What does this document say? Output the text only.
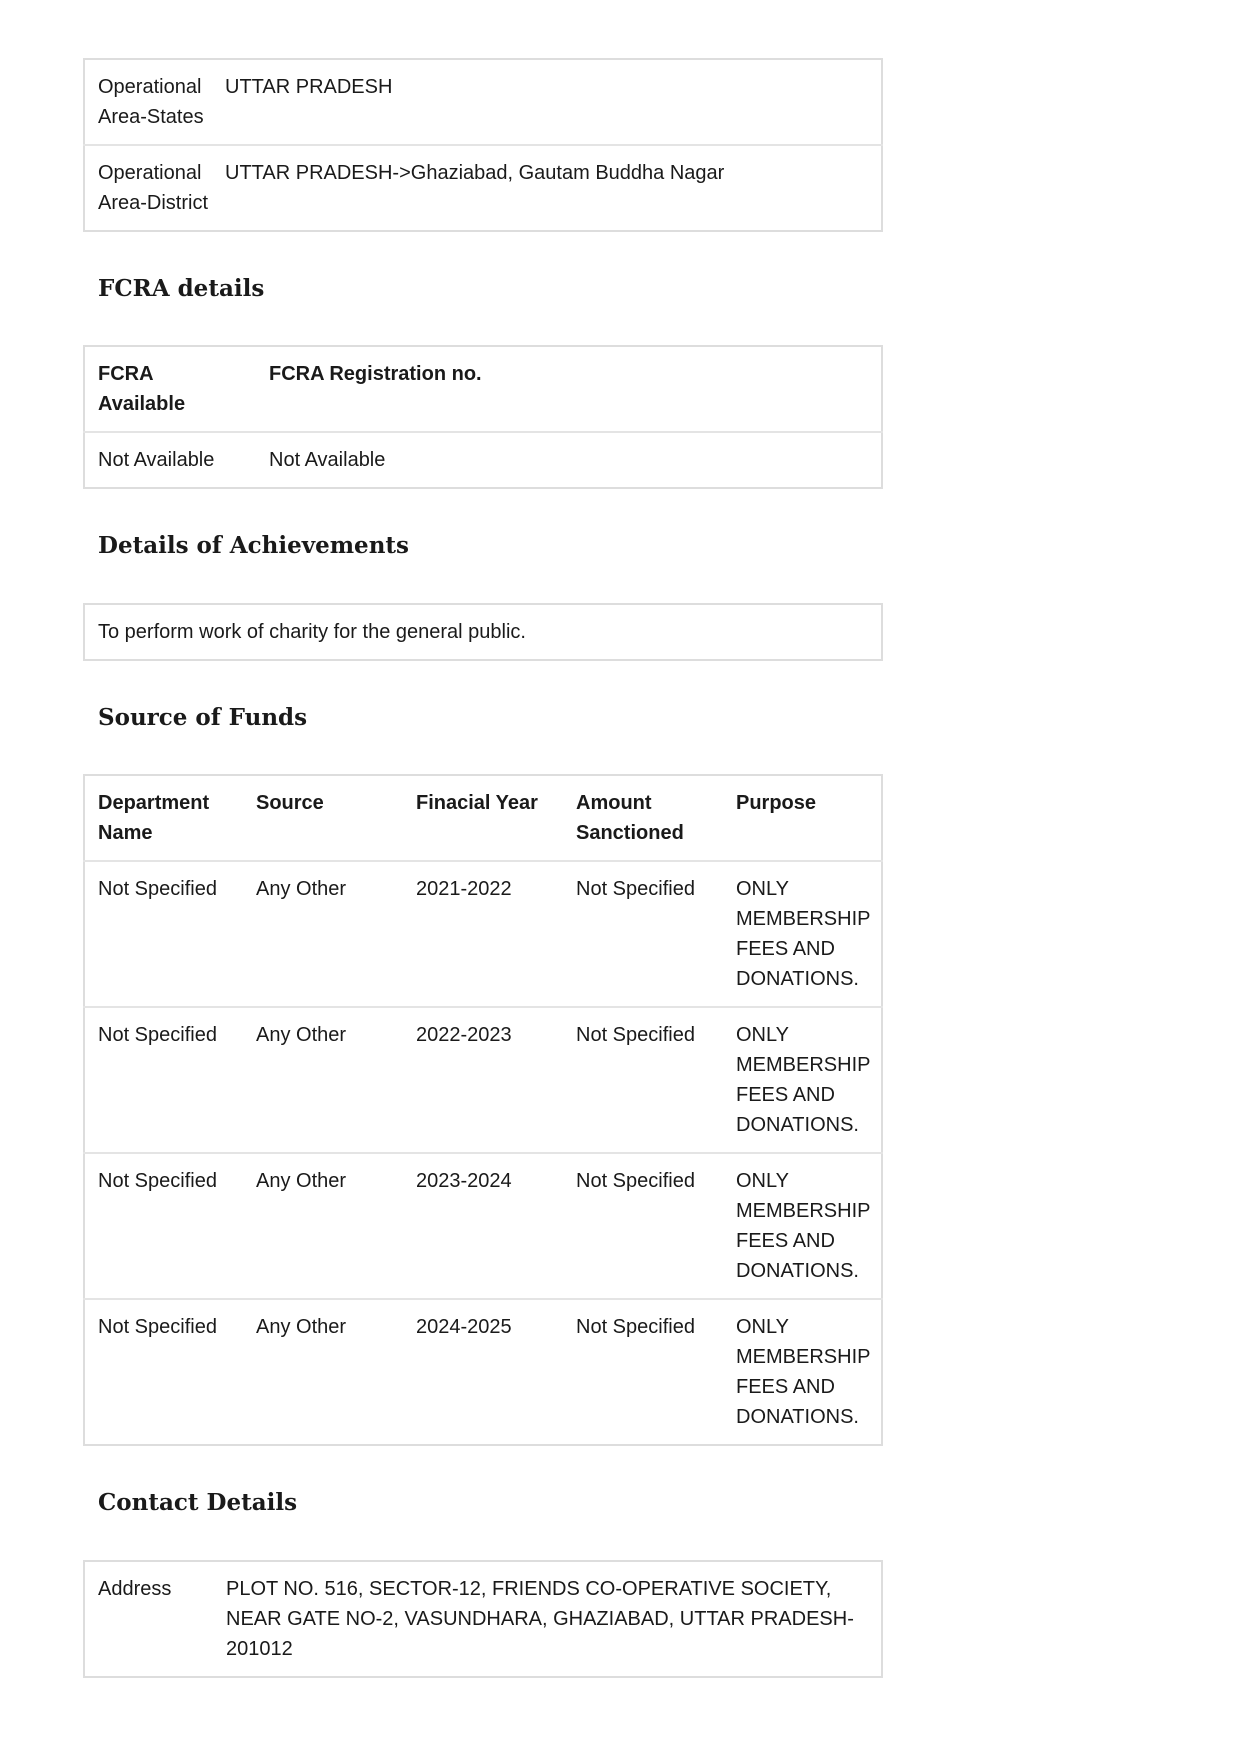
Operational Area-States	UTTAR PRADESH
Operational Area-District	UTTAR PRADESH->Ghaziabad, Gautam Buddha Nagar
FCRA details
FCRA Available	FCRA Registration no.
Not Available	Not Available
Details of Achievements
To perform work of charity for the general public.
Source of Funds
Department Name	Source	Finacial Year	Amount Sanctioned	Purpose
Not Specified	Any Other	2021-2022	Not Specified	ONLY MEMBERSHIP FEES AND DONATIONS.
Not Specified	Any Other	2022-2023	Not Specified	ONLY MEMBERSHIP FEES AND DONATIONS.
Not Specified	Any Other	2023-2024	Not Specified	ONLY MEMBERSHIP FEES AND DONATIONS.
Not Specified	Any Other	2024-2025	Not Specified	ONLY MEMBERSHIP FEES AND DONATIONS.
Contact Details
Address	PLOT NO. 516, SECTOR-12, FRIENDS CO-OPERATIVE SOCIETY, NEAR GATE NO-2, VASUNDHARA, GHAZIABAD, UTTAR PRADESH-201012
